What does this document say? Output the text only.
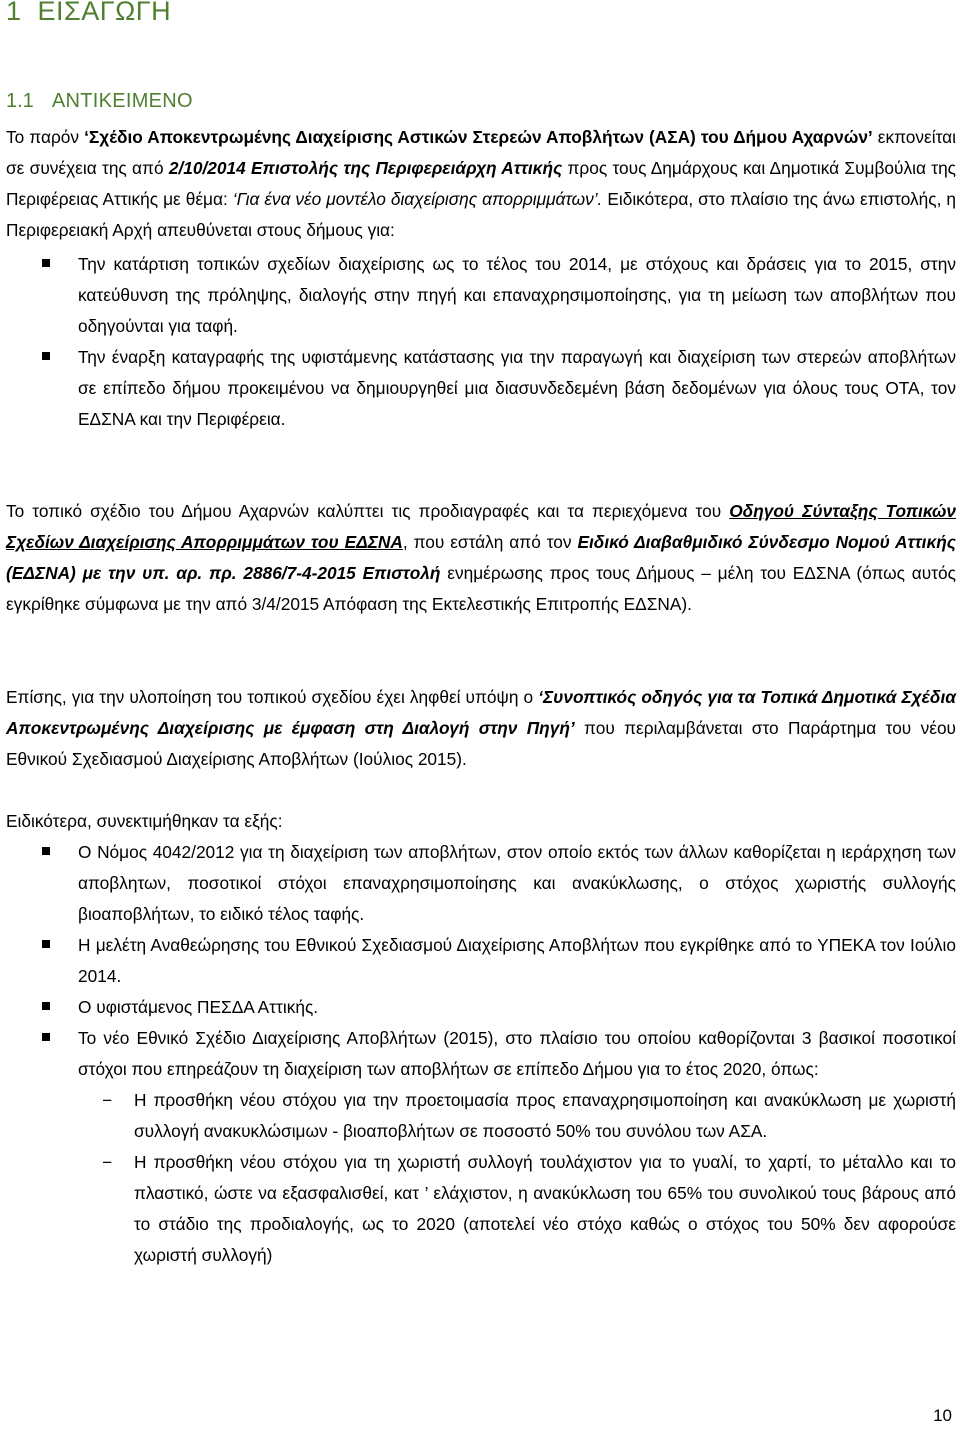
1 ΕΙΣΑΓΩΓΗ
1.1 ΑΝΤΙΚΕΙΜΕΝΟ

Το παρόν ‘Σχέδιο Αποκεντρωμένης Διαχείρισης Αστικών Στερεών Αποβλήτων (ΑΣΑ) του Δήμου Αχαρνών’ εκπονείται σε συνέχεια της από 2/10/2014 Επιστολής της Περιφερειάρχη Αττικής προς τους Δημάρχους και Δημοτικά Συμβούλια της Περιφέρειας Αττικής με θέμα: ‘Για ένα νέο μοντέλο διαχείρισης απορριμμάτων’. Ειδικότερα, στο πλαίσιο της άνω επιστολής, η Περιφερειακή Αρχή απευθύνεται στους δήμους για:

Την κατάρτιση τοπικών σχεδίων διαχείρισης ως το τέλος του 2014, με στόχους και δράσεις για το 2015, στην κατεύθυνση της πρόληψης, διαλογής στην πηγή και επαναχρησιμοποίησης, για τη μείωση των αποβλήτων που οδηγούνται για ταφή.
Την έναρξη καταγραφής της υφιστάμενης κατάστασης για την παραγωγή και διαχείριση των στερεών αποβλήτων σε επίπεδο δήμου προκειμένου να δημιουργηθεί μια διασυνδεδεμένη βάση δεδομένων για όλους τους ΟΤΑ, τον ΕΔΣΝΑ και την Περιφέρεια.

Το τοπικό σχέδιο του Δήμου Αχαρνών καλύπτει τις προδιαγραφές και τα περιεχόμενα του Οδηγού Σύνταξης Τοπικών Σχεδίων Διαχείρισης Απορριμμάτων του ΕΔΣΝΑ, που εστάλη από τον Ειδικό Διαβαθμιδικό Σύνδεσμο Νομού Αττικής (ΕΔΣΝΑ) με την υπ. αρ. πρ. 2886/7-4-2015 Επιστολή ενημέρωσης προς τους Δήμους – μέλη του ΕΔΣΝΑ (όπως αυτός εγκρίθηκε σύμφωνα με την από 3/4/2015 Απόφαση της Εκτελεστικής Επιτροπής ΕΔΣΝΑ).

Επίσης, για την υλοποίηση του τοπικού σχεδίου έχει ληφθεί υπόψη ο ‘Συνοπτικός οδηγός για τα Τοπικά Δημοτικά Σχέδια Αποκεντρωμένης Διαχείρισης με έμφαση στη Διαλογή στην Πηγή’ που περιλαμβάνεται στο Παράρτημα του νέου Εθνικού Σχεδιασμού Διαχείρισης Αποβλήτων (Ιούλιος 2015).

Ειδικότερα, συνεκτιμήθηκαν τα εξής:

Ο Νόμος 4042/2012 για τη διαχείριση των αποβλήτων, στον οποίο εκτός των άλλων καθορίζεται η ιεράρχηση των αποβλητων, ποσοτικοί στόχοι επαναχρησιμοποίησης και ανακύκλωσης, ο στόχος χωριστής συλλογής βιοαποβλήτων, το ειδικό τέλος ταφής.
Η μελέτη Αναθεώρησης του Εθνικού Σχεδιασμού Διαχείρισης Αποβλήτων που εγκρίθηκε από το ΥΠΕΚΑ τον Ιούλιο 2014.
Ο υφιστάμενος ΠΕΣΔΑ Αττικής.
Το νέο Εθνικό Σχέδιο Διαχείρισης Αποβλήτων (2015), στο πλαίσιο του οποίου καθορίζονται 3 βασικοί ποσοτικοί στόχοι που επηρεάζουν τη διαχείριση των αποβλήτων σε επίπεδο Δήμου για το έτος 2020, όπως:
− Η προσθήκη νέου στόχου για την προετοιμασία προς επαναχρησιμοποίηση και ανακύκλωση με χωριστή συλλογή ανακυκλώσιμων - βιοαποβλήτων σε ποσοστό 50% του συνόλου των ΑΣΑ.
− Η προσθήκη νέου στόχου για τη χωριστή συλλογή τουλάχιστον για το γυαλί, το χαρτί, το μέταλλο και το πλαστικό, ώστε να εξασφαλισθεί, κατ ’ ελάχιστον, η ανακύκλωση του 65% του συνολικού τους βάρους από το στάδιο της προδιαλογής, ως το 2020 (αποτελεί νέο στόχο καθώς ο στόχος του 50% δεν αφορούσε χωριστή συλλογή)
10
